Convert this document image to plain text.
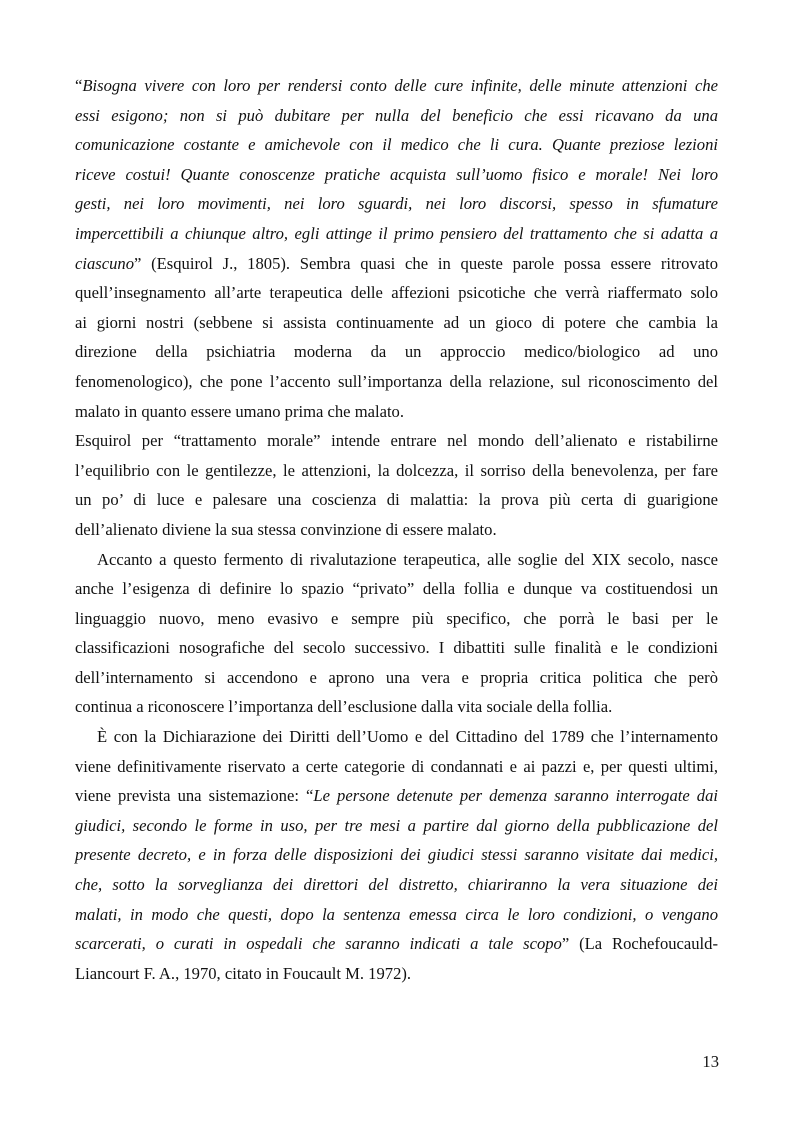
“Bisogna vivere con loro per rendersi conto delle cure infinite, delle minute attenzioni che
essi esigono; non si può dubitare per nulla del beneficio che essi ricavano da una
comunicazione costante e amichevole con il medico che li cura. Quante preziose lezioni
riceve costui! Quante conoscenze pratiche acquista sull’uomo fisico e morale! Nei loro
gesti, nei loro movimenti, nei loro sguardi, nei loro discorsi, spesso in sfumature
impercettibili a chiunque altro, egli attinge il primo pensiero del trattamento che si adatta a
ciascuno” (Esquirol J., 1805). Sembra quasi che in queste parole possa essere ritrovato
quell’insegnamento all’arte terapeutica delle affezioni psicotiche che verrà riaffermato solo
ai giorni nostri (sebbene si assista continuamente ad un gioco di potere che cambia la
direzione della psichiatria moderna da un approccio medico/biologico ad uno
fenomenologico), che pone l’accento sull’importanza della relazione, sul riconoscimento del
malato in quanto essere umano prima che malato.
Esquirol per “trattamento morale” intende entrare nel mondo dell’alienato e ristabilirne
l’equilibrio con le gentilezze, le attenzioni, la dolcezza, il sorriso della benevolenza, per fare
un po’ di luce e palesare una coscienza di malattia: la prova più certa di guarigione
dell’alienato diviene la sua stessa convinzione di essere malato.
Accanto a questo fermento di rivalutazione terapeutica, alle soglie del XIX secolo, nasce
anche l’esigenza di definire lo spazio “privato” della follia e dunque va costituendosi un
linguaggio nuovo, meno evasivo e sempre più specifico, che porrà le basi per le
classificazioni nosografiche del secolo successivo. I dibattiti sulle finalità e le condizioni
dell’internamento si accendono e aprono una vera e propria critica politica che però
continua a riconoscere l’importanza dell’esclusione dalla vita sociale della follia.
È con la Dichiarazione dei Diritti dell’Uomo e del Cittadino del 1789 che l’internamento
viene definitivamente riservato a certe categorie di condannati e ai pazzi e, per questi ultimi,
viene prevista una sistemazione: “Le persone detenute per demenza saranno interrogate dai
giudici, secondo le forme in uso, per tre mesi a partire dal giorno della pubblicazione del
presente decreto, e in forza delle disposizioni dei giudici stessi saranno visitate dai medici,
che, sotto la sorveglianza dei direttori del distretto, chiariranno la vera situazione dei
malati, in modo che questi, dopo la sentenza emessa circa le loro condizioni, o vengano
scarcerati, o curati in ospedali che saranno indicati a tale scopo” (La Rochefoucauld-
Liancourt F. A., 1970, citato in Foucault M. 1972).
13
